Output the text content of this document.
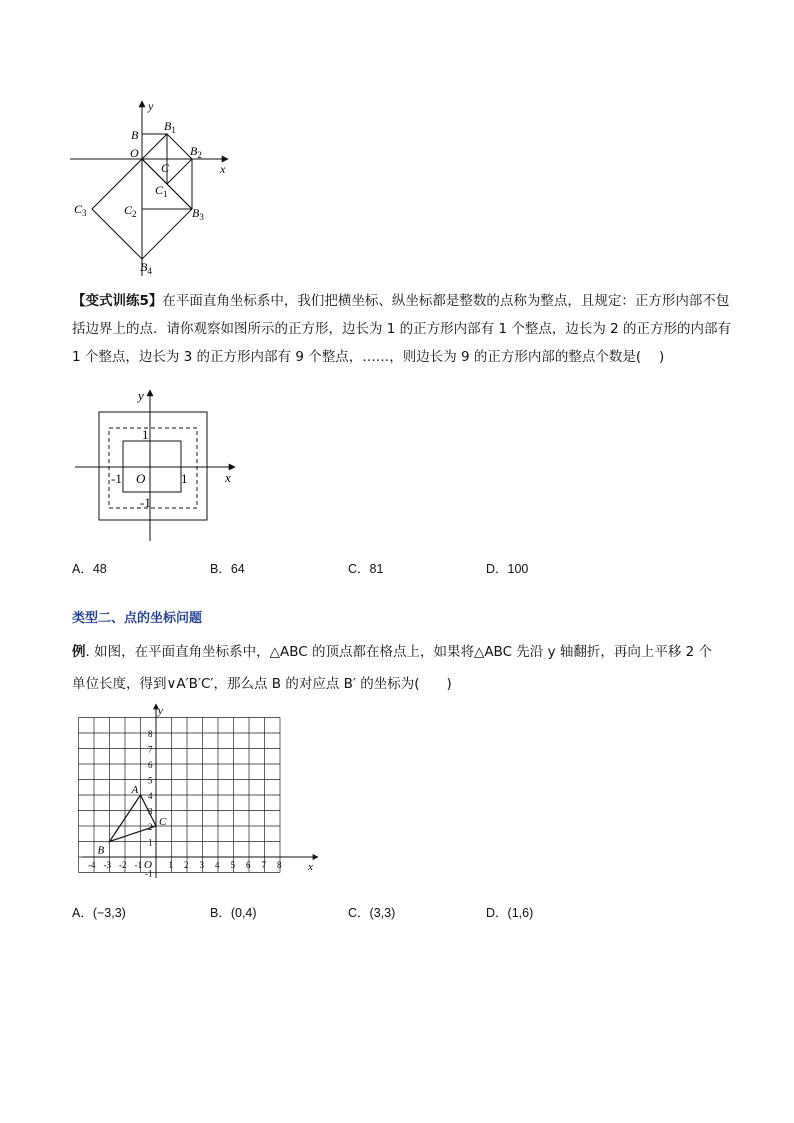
y
x
B
O
$B_1$
$B_2$
C
$C_1$
$C_2$
$C_3$	$B_3$
$B_4$
【变式训练5】在平面直角坐标系中，我们把横坐标、纵坐标都是整数的点称为整点，且规定：正方形内部不包括边界上的点．请你观察如图所示的正方形，边长为 1 的正方形内部有 1 个整点，边长为 2 的正方形的内部有 1 个整点，边长为 3 的正方形内部有 9 个整点，……，则边长为 9 的正方形内部的整点个数是(　 )
y
x
O
1
1
-1
-1
A．48	B．64	C．81	D．100
类型二、点的坐标问题
例. 如图，在平面直角坐标系中，△ABC 的顶点都在格点上，如果将△ABC 先沿 y 轴翻折，再向上平移 2 个
单位长度，得到∨A′B′C′，那么点 B 的对应点 B′ 的坐标为(　　)
-4 -3 -2 -1	1 2 3 4 5 6 7 8
8
7
6
5
4
3
2
1
-1
x
y
O
A
B
C
A．(−3,3)	B．(0,4)	C．(3,3)	D．(1,6)
